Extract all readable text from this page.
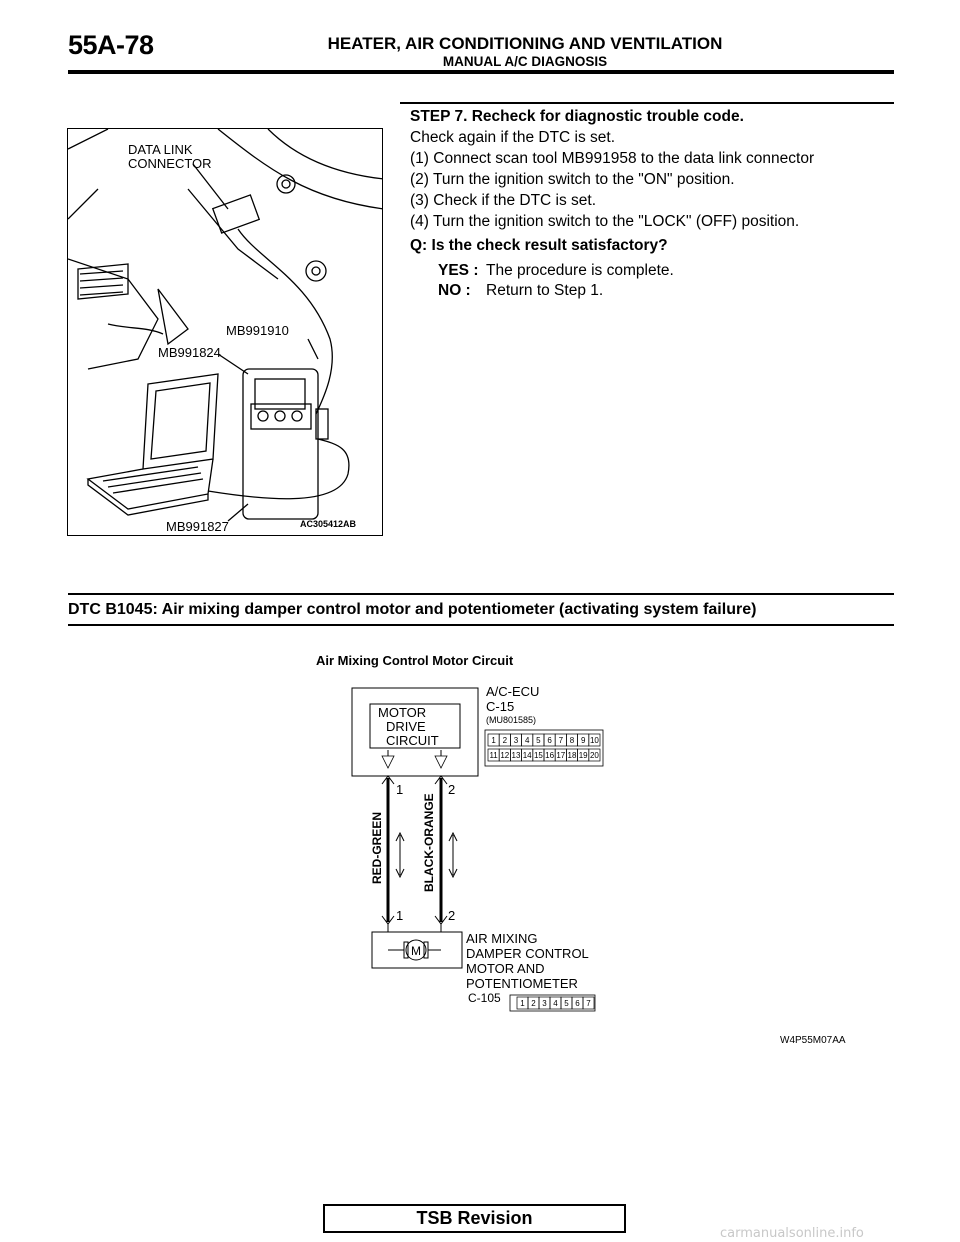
55A-78	HEATER, AIR CONDITIONING AND VENTILATION
MANUAL A/C DIAGNOSIS
DATA LINK
CONNECTOR
MB991910
MB991824
MB991827	AC305412AB
STEP 7. Recheck for diagnostic trouble code.
Check again if the DTC is set.
(1) Connect scan tool MB991958 to the data link connector
(2) Turn the ignition switch to the "ON" position.
(3) Check if the DTC is set.
(4) Turn the ignition switch to the "LOCK" (OFF) position.
Q: Is the check result satisfactory?
YES : The procedure is complete.
NO : Return to Step 1.
DTC B1045: Air mixing damper control motor and potentiometer (activating system failure)
Air Mixing Control Motor Circuit
1 2 3 4 5 6 7 8 9 10
11 12 13 14 15 16 17 18 19 20
1 2 3 4 5 6 7
MOTOR
DRIVE
CIRCUIT
A/C-ECU
C-15
(MU801585)
1	2
1	2
RED-GREEN	BLACK-ORANGE
M
AIR MIXING
DAMPER CONTROL
MOTOR AND
POTENTIOMETER
C-105
W4P55M07AA
TSB Revision
carmanualsonline.info
